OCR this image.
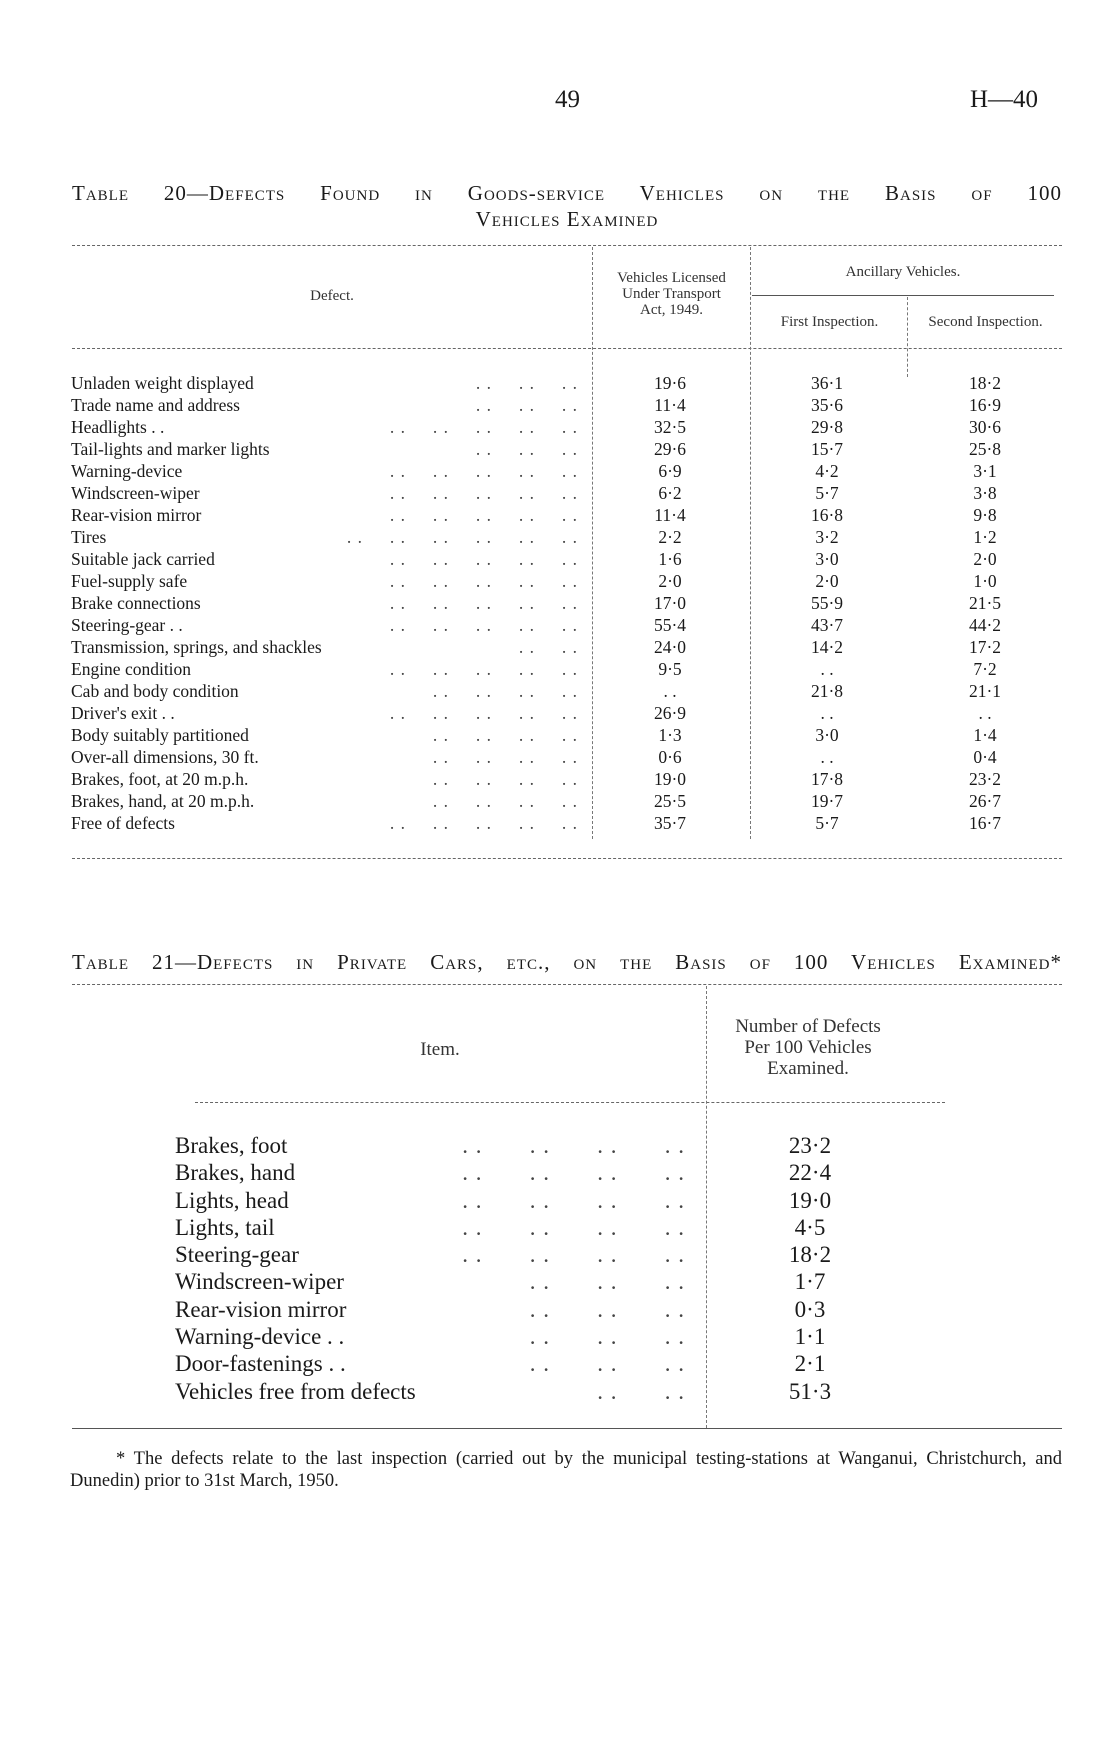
49	H—40
Table 20—Defects Found in Goods-service Vehicles on the Basis of 100
Vehicles Examined
Defect.
Vehicles Licensed
Under Transport
Act, 1949.
Ancillary Vehicles.
First Inspection.	Second Inspection.
Unladen weight displayed	. .     . .     . .	19·6	36·1	18·2
Trade name and address	. .     . .     . .	11·4	35·6	16·9
Headlights . .	. .     . .     . .     . .     . .	32·5	29·8	30·6
Tail-lights and marker lights	. .     . .     . .	29·6	15·7	25·8
Warning-device	. .     . .     . .     . .     . .	6·9	4·2	3·1
Windscreen-wiper	. .     . .     . .     . .     . .	6·2	5·7	3·8
Rear-vision mirror	. .     . .     . .     . .     . .	11·4	16·8	9·8
Tires	. .     . .     . .     . .     . .     . .	2·2	3·2	1·2
Suitable jack carried	. .     . .     . .     . .     . .	1·6	3·0	2·0
Fuel-supply safe	. .     . .     . .     . .     . .	2·0	2·0	1·0
Brake connections	. .     . .     . .     . .     . .	17·0	55·9	21·5
Steering-gear . .	. .     . .     . .     . .     . .	55·4	43·7	44·2
Transmission, springs, and shackles	. .     . .	24·0	14·2	17·2
Engine condition	. .     . .     . .     . .     . .	9·5	. .	7·2
Cab and body condition	. .     . .     . .     . .	. .	21·8	21·1
Driver's exit . .	. .     . .     . .     . .     . .	26·9	. .	. .
Body suitably partitioned	. .     . .     . .     . .	1·3	3·0	1·4
Over-all dimensions, 30 ft.	. .     . .     . .     . .	0·6	. .	0·4
Brakes, foot, at 20 m.p.h.	. .     . .     . .     . .	19·0	17·8	23·2
Brakes, hand, at 20 m.p.h.	. .     . .     . .     . .	25·5	19·7	26·7
Free of defects	. .     . .     . .     . .     . .	35·7	5·7	16·7
Table 21—Defects in Private Cars, etc., on the Basis of 100 Vehicles Examined*
Item.
Number of Defects
Per 100 Vehicles
Examined.
Brakes, foot	. .       . .       . .       . .	23·2
Brakes, hand	. .       . .       . .       . .	22·4
Lights, head	. .       . .       . .       . .	19·0
Lights, tail	. .       . .       . .       . .	4·5
Steering-gear	. .       . .       . .       . .	18·2
Windscreen-wiper	. .       . .       . .	1·7
Rear-vision mirror	. .       . .       . .	0·3
Warning-device . .	. .       . .       . .	1·1
Door-fastenings . .	. .       . .       . .	2·1
Vehicles free from defects	. .       . .	51·3
* The defects relate to the last inspection (carried out by the municipal testing-stations at Wanganui, Christchurch, and Dunedin) prior to 31st March, 1950.
